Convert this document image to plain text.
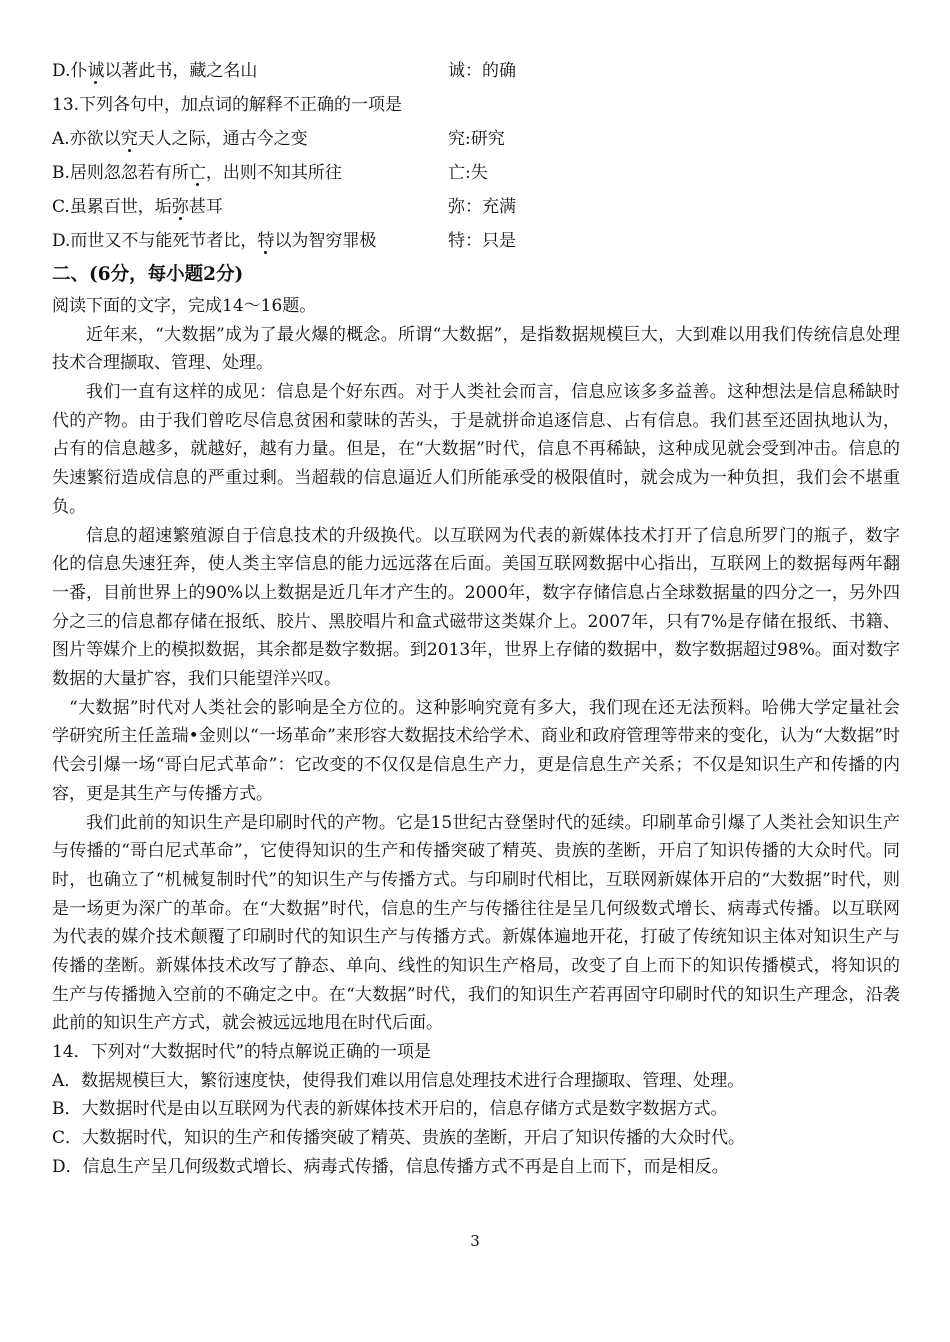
D.仆诚以著此书，藏之名山	诚：的确
13.下列各句中，加点词的解释不正确的一项是
A.亦欲以究天人之际，通古今之变	究:研究
B.居则忽忽若有所亡，出则不知其所往	亡:失
C.虽累百世，垢弥甚耳	弥：充满
D.而世又不与能死节者比，特以为智穷罪极	特：只是
二、(6分，每小题2分)
阅读下面的文字，完成14～16题。

近年来，“大数据”成为了最火爆的概念。所谓“大数据”，是指数据规模巨大，大到难以用我们传统信息处理技术合理撷取、管理、处理。

我们一直有这样的成见：信息是个好东西。对于人类社会而言，信息应该多多益善。这种想法是信息稀缺时代的产物。由于我们曾吃尽信息贫困和蒙昧的苦头，于是就拼命追逐信息、占有信息。我们甚至还固执地认为，占有的信息越多，就越好，越有力量。但是，在“大数据”时代，信息不再稀缺，这种成见就会受到冲击。信息的失速繁衍造成信息的严重过剩。当超载的信息逼近人们所能承受的极限值时，就会成为一种负担，我们会不堪重负。

信息的超速繁殖源自于信息技术的升级换代。以互联网为代表的新媒体技术打开了信息所罗门的瓶子，数字化的信息失速狂奔，使人类主宰信息的能力远远落在后面。美国互联网数据中心指出，互联网上的数据每两年翻一番，目前世界上的90%以上数据是近几年才产生的。2000年，数字存储信息占全球数据量的四分之一，另外四分之三的信息都存储在报纸、胶片、黑胶唱片和盒式磁带这类媒介上。2007年，只有7%是存储在报纸、书籍、图片等媒介上的模拟数据，其余都是数字数据。到2013年，世界上存储的数据中，数字数据超过98%。面对数字数据的大量扩容，我们只能望洋兴叹。

“大数据”时代对人类社会的影响是全方位的。这种影响究竟有多大，我们现在还无法预料。哈佛大学定量社会学研究所主任盖瑞•金则以“一场革命”来形容大数据技术给学术、商业和政府管理等带来的变化，认为“大数据”时代会引爆一场“哥白尼式革命”：它改变的不仅仅是信息生产力，更是信息生产关系；不仅是知识生产和传播的内容，更是其生产与传播方式。

我们此前的知识生产是印刷时代的产物。它是15世纪古登堡时代的延续。印刷革命引爆了人类社会知识生产与传播的“哥白尼式革命”，它使得知识的生产和传播突破了精英、贵族的垄断，开启了知识传播的大众时代。同时，也确立了“机械复制时代”的知识生产与传播方式。与印刷时代相比，互联网新媒体开启的“大数据”时代，则是一场更为深广的革命。在“大数据”时代，信息的生产与传播往往是呈几何级数式增长、病毒式传播。以互联网为代表的媒介技术颠覆了印刷时代的知识生产与传播方式。新媒体遍地开花，打破了传统知识主体对知识生产与传播的垄断。新媒体技术改写了静态、单向、线性的知识生产格局，改变了自上而下的知识传播模式，将知识的生产与传播抛入空前的不确定之中。在“大数据”时代，我们的知识生产若再固守印刷时代的知识生产理念，沿袭此前的知识生产方式，就会被远远地甩在时代后面。

14．下列对“大数据时代”的特点解说正确的一项是
A．数据规模巨大，繁衍速度快，使得我们难以用信息处理技术进行合理撷取、管理、处理。
B．大数据时代是由以互联网为代表的新媒体技术开启的，信息存储方式是数字数据方式。
C．大数据时代，知识的生产和传播突破了精英、贵族的垄断，开启了知识传播的大众时代。
D．信息生产呈几何级数式增长、病毒式传播，信息传播方式不再是自上而下，而是相反。
3
